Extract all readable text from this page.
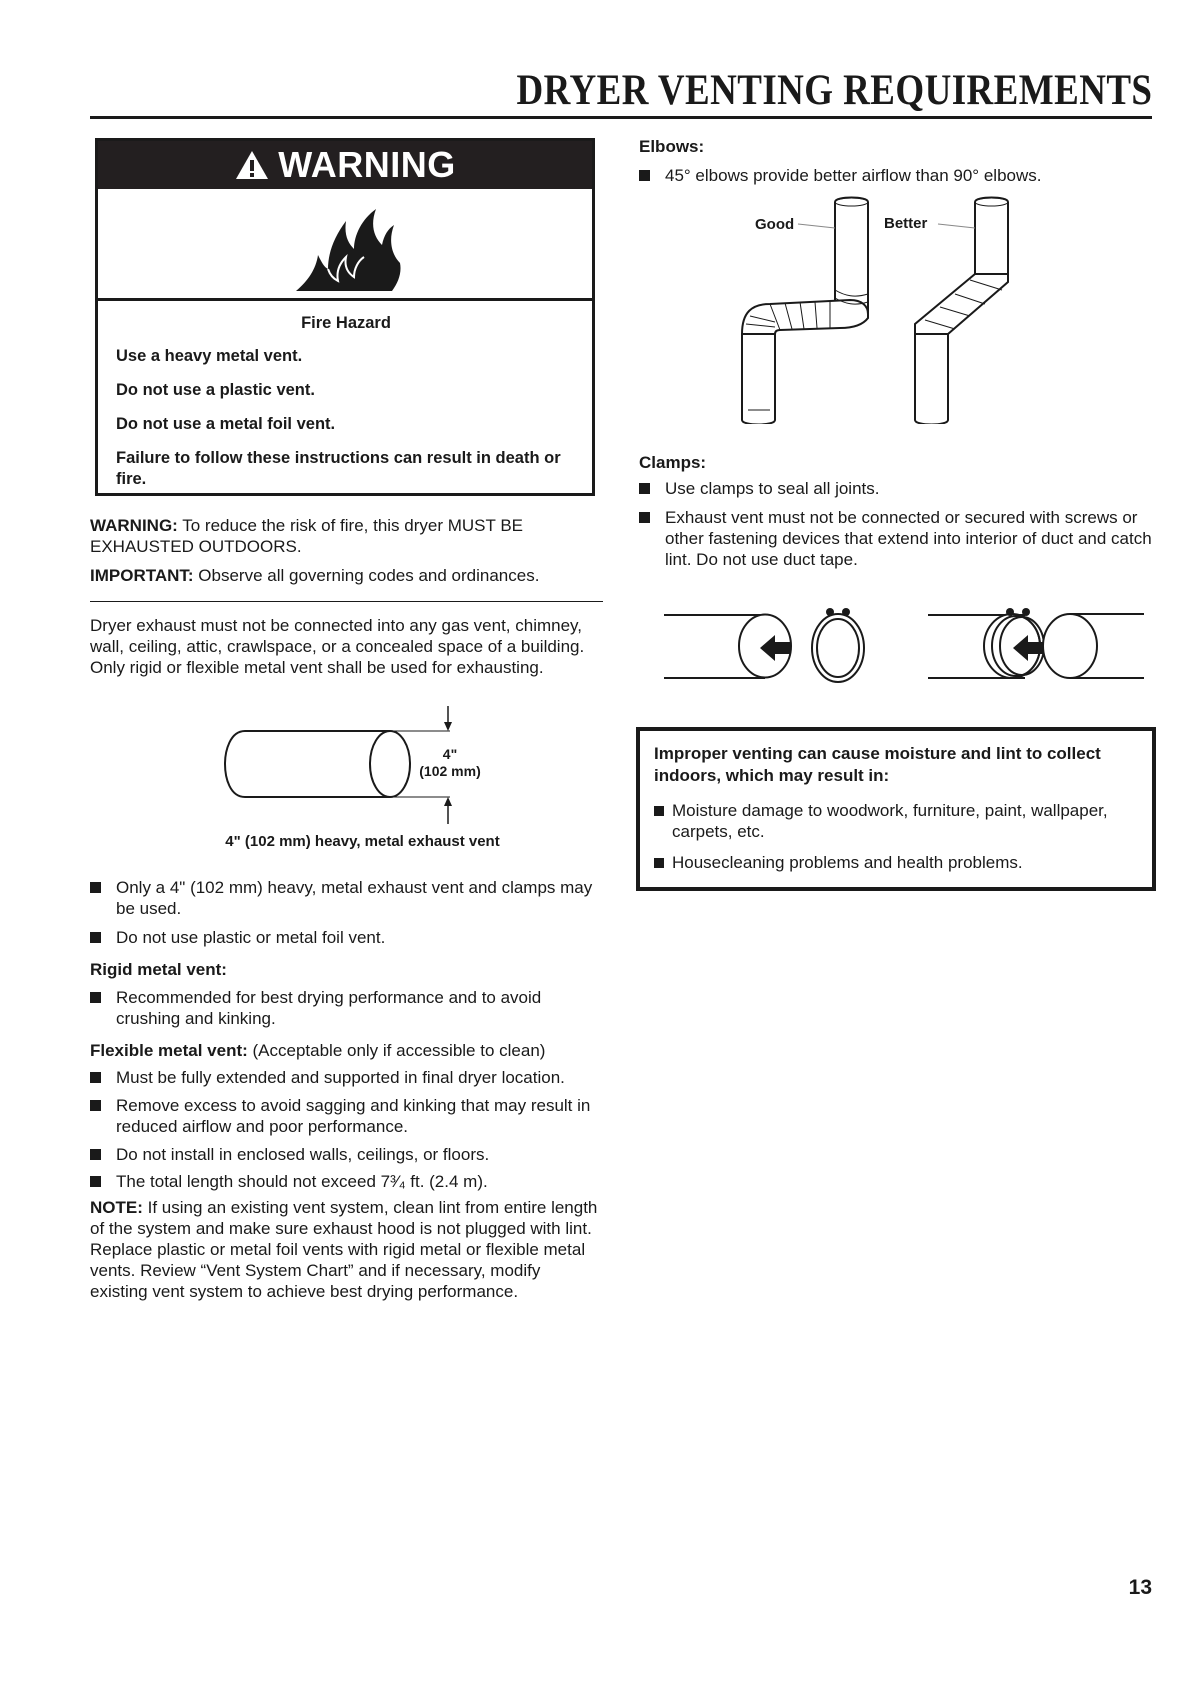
DRYER VENTING REQUIREMENTS
WARNING

Fire Hazard

Use a heavy metal vent.

Do not use a plastic vent.

Do not use a metal foil vent.

Failure to follow these instructions can result in death or fire.

WARNING: To reduce the risk of fire, this dryer MUST BE EXHAUSTED OUTDOORS.
IMPORTANT: Observe all governing codes and ordinances.
Dryer exhaust must not be connected into any gas vent, chimney, wall, ceiling, attic, crawlspace, or a concealed space of a building. Only rigid or flexible metal vent shall be used for exhausting.
4"
(102 mm)
4" (102 mm) heavy, metal exhaust vent
Only a 4" (102 mm) heavy, metal exhaust vent and clamps may be used.
Do not use plastic or metal foil vent.
Rigid metal vent:
Recommended for best drying performance and to avoid crushing and kinking.
Flexible metal vent: (Acceptable only if accessible to clean)
Must be fully extended and supported in final dryer location.
Remove excess to avoid sagging and kinking that may result in reduced airflow and poor performance.
Do not install in enclosed walls, ceilings, or floors.
The total length should not exceed 7³⁄₄ ft. (2.4 m).
NOTE: If using an existing vent system, clean lint from entire length of the system and make sure exhaust hood is not plugged with lint. Replace plastic or metal foil vents with rigid metal or flexible metal vents. Review “Vent System Chart” and if necessary, modify existing vent system to achieve best drying performance.
Elbows:
45° elbows provide better airflow than 90° elbows.
Good	Better
Clamps:
Use clamps to seal all joints.
Exhaust vent must not be connected or secured with screws or other fastening devices that extend into interior of duct and catch lint. Do not use duct tape.
Improper venting can cause moisture and lint to collect indoors, which may result in:
Moisture damage to woodwork, furniture, paint, wallpaper, carpets, etc.
Housecleaning problems and health problems.
13
